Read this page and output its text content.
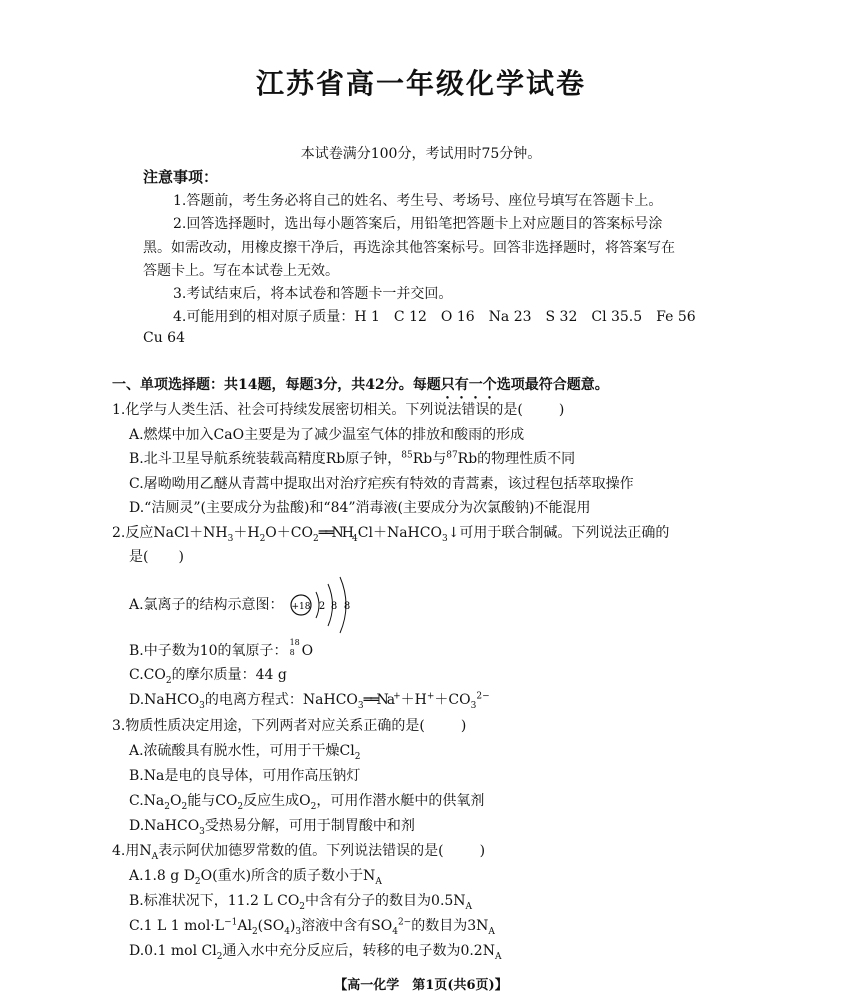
江苏省高一年级化学试卷
本试卷满分100分，考试用时75分钟。
注意事项：
1.答题前，考生务必将自己的姓名、考生号、考场号、座位号填写在答题卡上。
2.回答选择题时，选出每小题答案后，用铅笔把答题卡上对应题目的答案标号涂
黑。如需改动，用橡皮擦干净后，再选涂其他答案标号。回答非选择题时，将答案写在
答题卡上。写在本试卷上无效。
3.考试结束后，将本试卷和答题卡一并交回。
4.可能用到的相对原子质量：H 1　C 12　O 16　Na 23　S 32　Cl 35.5　Fe 56
Cu 64
一、单项选择题：共14题，每题3分，共42分。每题只有一个选项最符合题意。
1.化学与人类生活、社会可持续发展密切相关。下列说法错误的是(	)
A.燃煤中加入CaO主要是为了减少温室气体的排放和酸雨的形成
B.北斗卫星导航系统装载高精度Rb原子钟，$^{85}$Rb与$^{87}$Rb的物理性质不同
C.屠呦呦用乙醚从青蒿中提取出对治疗疟疾有特效的青蒿素，该过程包括萃取操作
D.“洁厕灵”(主要成分为盐酸)和“84”消毒液(主要成分为次氯酸钠)不能混用
2.反应$NaCl+NH_3+H_2O+CO_2══NH_4Cl+NaHCO_3↓$可用于联合制碱。下列说法正确的
是( )
A.氯离子的结构示意图： +18 2 8 8
B.中子数为10的氧原子：
18
8 O
$C.CO_2$的摩尔质量：44 g
D.NaHCO$_3$的电离方程式：$NaHCO_3══Na^++H^++CO_3^{2-}$
3.物质性质决定用途，下列两者对应关系正确的是(	)
A.浓硫酸具有脱水性，可用于干燥$Cl_2$
B.Na是电的良导体，可用作高压钠灯
$C.Na_2O_2$能与$CO_2$反应生成$O_2$，可用作潜水艇中的供氧剂
D.NaHCO$_3$受热易分解，可用于制胃酸中和剂
4.用$N_A$表示阿伏加德罗常数的值。下列说法错误的是(	)
A.1.8 g $D_2O$(重水)所含的质子数小于$N_A$
B.标准状况下，11.2 L $CO_2$中含有分子的数目为$0.5N_A$
C.1 L 1 $mol\cdot L^{-1}Al_2(SO_4)_3$溶液中含有$SO_4^{2-}$的数目为$3N_A$
D.0.1 mol $Cl_2$通入水中充分反应后，转移的电子数为$0.2N_A$
【高一化学　第1页(共6页)】
